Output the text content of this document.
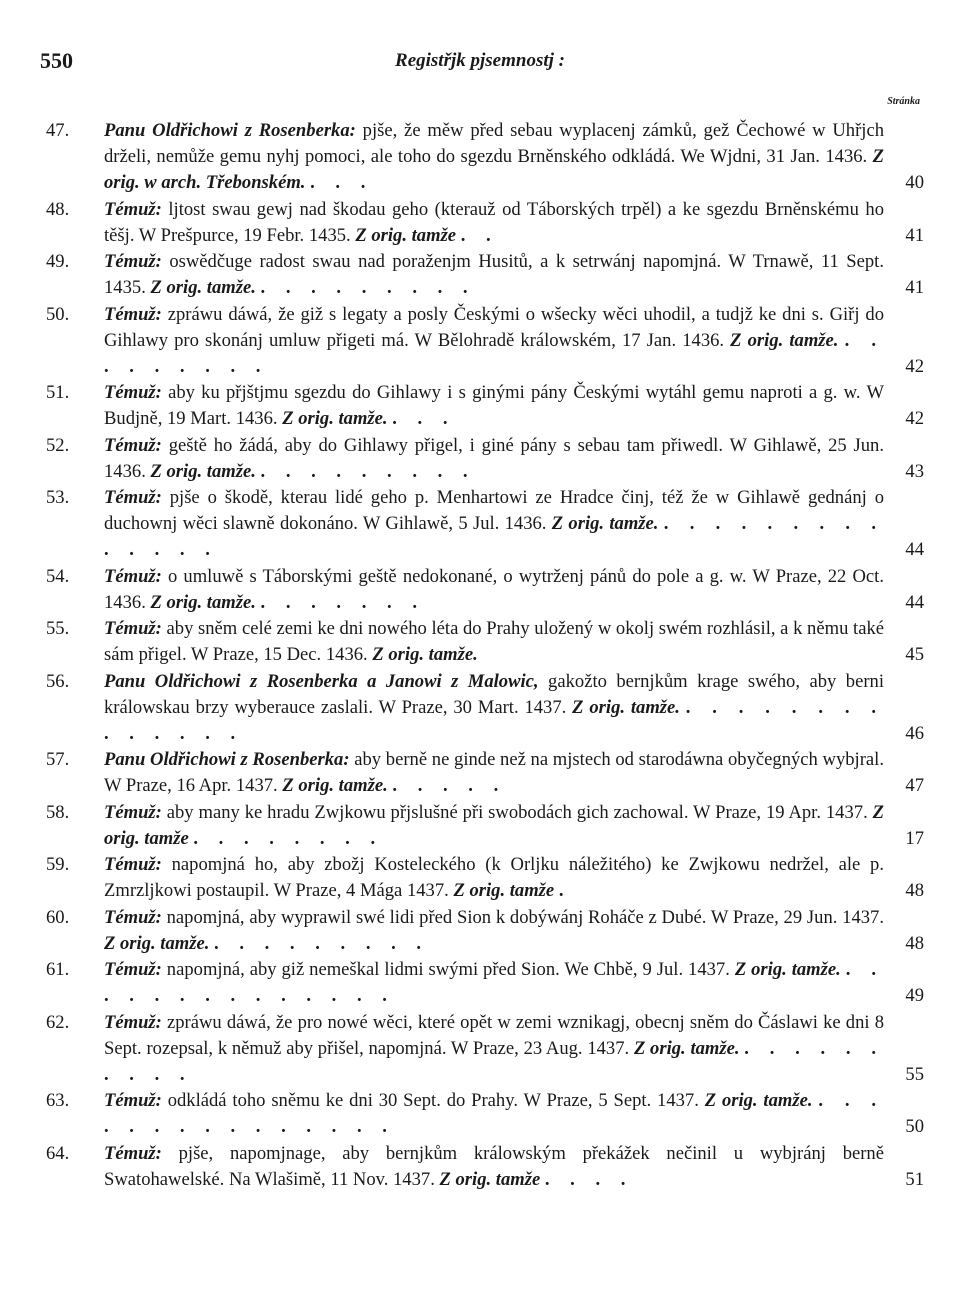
550	Registřjk pjsemnostj :
Stránka
47.	Panu Oldřichowi z Rosenberka: pjše, že měw před sebau wyplacenj zámků, gež Čechowé w Uhřjch drželi, nemůže gemu nyhj pomoci, ale toho do sgezdu Brněnského odkládá. We Wjdni, 31 Jan. 1436. Z orig. w arch. Třebonském. . . .	40
48.	Témuž: ljtost swau gewj nad škodau geho (kterauž od Táborských trpěl) a ke sgezdu Brněnskému ho těšj. W Prešpurce, 19 Febr. 1435. Z orig. tamže . .	41
49.	Témuž: oswědčuge radost swau nad poraženjm Husitů, a k setrwánj napomjná. W Trnawě, 11 Sept. 1435. Z orig. tamže. . . . . . . . . .	41
50.	Témuž: zpráwu dáwá, že giž s legaty a posly Českými o wšecky wěci uhodil, a tudjž ke dni s. Giřj do Gihlawy pro skonánj umluw přigeti má. W Bělohradě králowském, 17 Jan. 1436. Z orig. tamže. . . . . . . . . .	42
51.	Témuž: aby ku přjštjmu sgezdu do Gihlawy i s ginými pány Českými wytáhl gemu naproti a g. w. W Budjně, 19 Mart. 1436. Z orig. tamže. . . .	42
52.	Témuž: geště ho žádá, aby do Gihlawy přigel, i giné pány s sebau tam přiwedl. W Gihlawě, 25 Jun. 1436. Z orig. tamže. . . . . . . . . .	43
53.	Témuž: pjše o škodě, kterau lidé geho p. Menhartowi ze Hradce činj, též že w Gihlawě gednánj o duchownj wěci slawně dokonáno. W Gihlawě, 5 Jul. 1436. Z orig. tamže. . . . . . . . . . . . . . .	44
54.	Témuž: o umluwě s Táborskými geště nedokonané, o wytrženj pánů do pole a g. w. W Praze, 22 Oct. 1436. Z orig. tamže. . . . . . . .	44
55.	Témuž: aby sněm celé zemi ke dni nowého léta do Prahy uložený w okolj swém rozhlásil, a k němu také sám přigel. W Praze, 15 Dec. 1436. Z orig. tamže.	45
56.	Panu Oldřichowi z Rosenberka a Janowi z Malowic, gakožto bernjkům krage swého, aby berni králowskau brzy wyberauce zaslali. W Praze, 30 Mart. 1437. Z orig. tamže. . . . . . . . . . . . . . .	46
57.	Panu Oldřichowi z Rosenberka: aby berně ne ginde než na mjstech od starodáwna obyčegných wybjral. W Praze, 16 Apr. 1437. Z orig. tamže. . . . . .	47
58.	Témuž: aby many ke hradu Zwjkowu přjslušné při swobodách gich zachowal. W Praze, 19 Apr. 1437. Z orig. tamže . . . . . . . .	17
59.	Témuž: napomjná ho, aby zbožj Kosteleckého (k Orljku náležitého) ke Zwjkowu nedržel, ale p. Zmrzljkowi postaupil. W Praze, 4 Mága 1437. Z orig. tamže .	48
60.	Témuž: napomjná, aby wyprawil swé lidi před Sion k dobýwánj Roháče z Dubé. W Praze, 29 Jun. 1437. Z orig. tamže. . . . . . . . . .	48
61.	Témuž: napomjná, aby giž nemeškal lidmi swými před Sion. We Chbě, 9 Jul. 1437. Z orig. tamže. . . . . . . . . . . . . . .	49
62.	Témuž: zpráwu dáwá, že pro nowé wěci, které opět w zemi wznikagj, obecnj sněm do Čáslawi ke dni 8 Sept. rozepsal, k němuž aby přišel, napomjná. W Praze, 23 Aug. 1437. Z orig. tamže. . . . . . . . . . .	55
63.	Témuž: odkládá toho sněmu ke dni 30 Sept. do Prahy. W Praze, 5 Sept. 1437. Z orig. tamže. . . . . . . . . . . . . . . .	50
64.	Témuž: pjše, napomjnage, aby bernjkům králowským překážek nečinil u wybjránj berně Swatohawelské. Na Wlašimě, 11 Nov. 1437. Z orig. tamže . . . .	51
